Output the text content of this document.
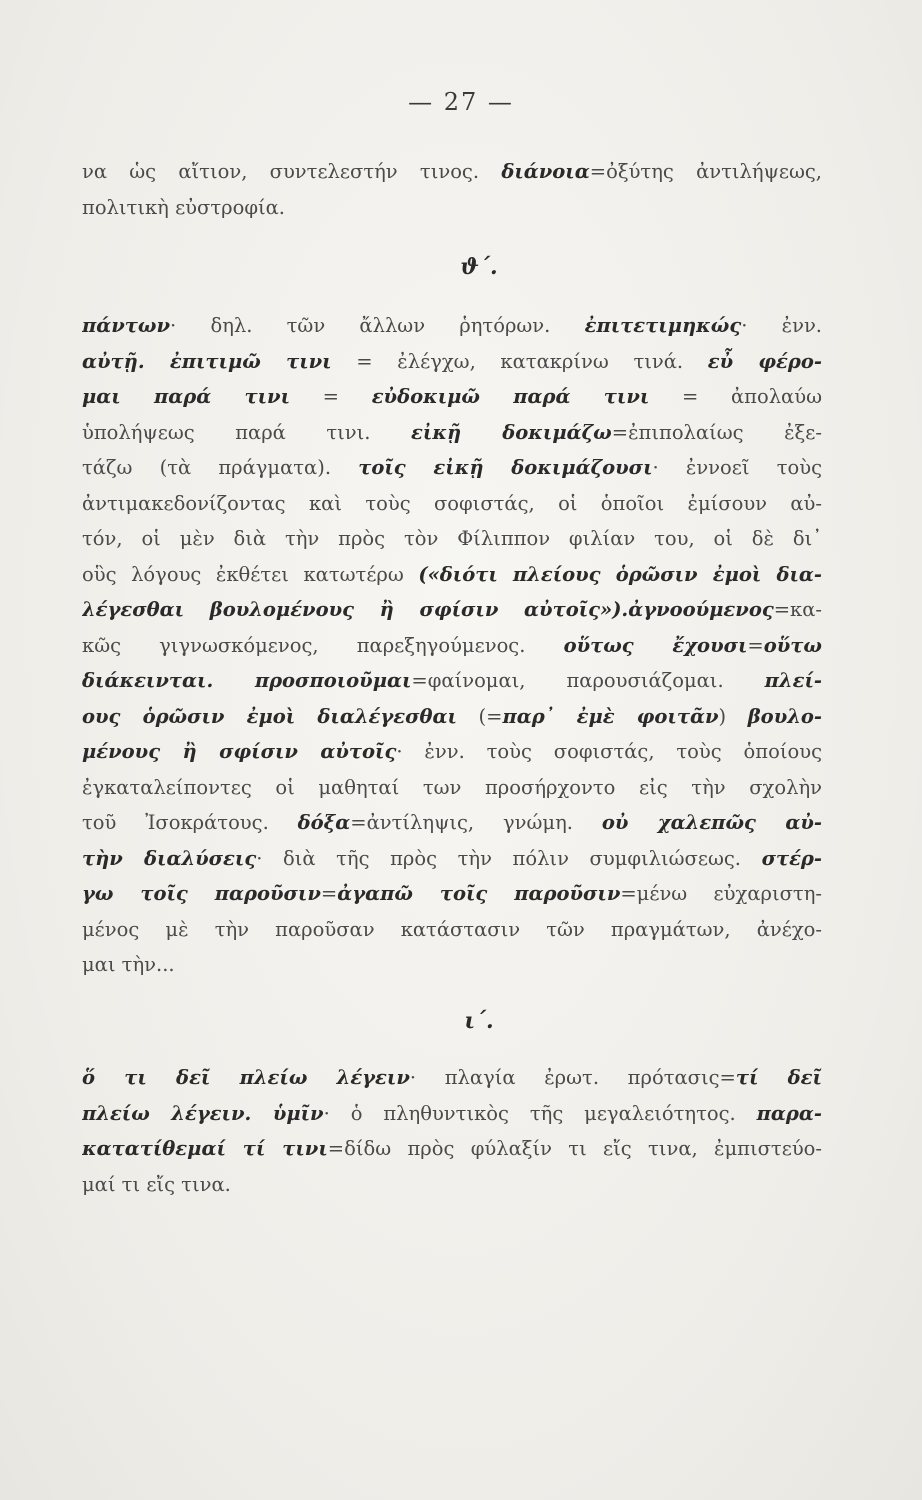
— 27 —
να ὡς αἴτιον, συντελεστήν τινος. διάνοια=ὀξύτης ἀντιλήψεως,
πολιτικὴ εὐστροφία.
ϑ΄.
πάντων· δηλ. τῶν ἄλλων ῥητόρων. ἐπιτετιμηκώς· ἐνν.
αὐτῇ. ἐπιτιμῶ τινι = ἐλέγχω, κατακρίνω τινά. εὖ φέρο-
μαι παρά τινι = εὐδοκιμῶ παρά τινι = ἀπολαύω
ὑπολήψεως παρά τινι. εἰκῇ δοκιμάζω=ἐπιπολαίως ἐξε-
τάζω (τὰ πράγματα). τοῖς εἰκῇ δοκιμάζουσι· ἐννοεῖ τοὺς
ἀντιμακεδονίζοντας καὶ τοὺς σοφιστάς, οἱ ὁποῖοι ἐμίσουν αὐ-
τόν, οἱ μὲν διὰ τὴν πρὸς τὸν Φίλιππον φιλίαν του, οἱ δὲ δι᾽
οὓς λόγους ἐκθέτει κατωτέρω («διότι πλείους ὁρῶσιν ἐμοὶ δια-
λέγεσθαι βουλομένους ἢ σφίσιν αὐτοῖς»).ἀγνοούμενος=κα-
κῶς γιγνωσκόμενος, παρεξηγούμενος. οὕτως ἔχουσι=οὕτω
διάκεινται. προσποιοῦμαι=φαίνομαι, παρουσιάζομαι. πλεί-
ους ὁρῶσιν ἐμοὶ διαλέγεσθαι (=παρ᾽ ἐμὲ φοιτᾶν) βουλο-
μένους ἢ σφίσιν αὐτοῖς· ἐνν. τοὺς σοφιστάς, τοὺς ὁποίους
ἐγκαταλείποντες οἱ μαθηταί των προσήρχοντο εἰς τὴν σχολὴν
τοῦ Ἰσοκράτους. δόξα=ἀντίληψις, γνώμη. οὐ χαλεπῶς αὐ-
τὴν διαλύσεις· διὰ τῆς πρὸς τὴν πόλιν συμφιλιώσεως. στέρ-
γω τοῖς παροῦσιν=ἀγαπῶ τοῖς παροῦσιν=μένω εὐχαριστη-
μένος μὲ τὴν παροῦσαν κατάστασιν τῶν πραγμάτων, ἀνέχο-
μαι τὴν...
ι΄.
ὅ τι δεῖ πλείω λέγειν· πλαγία ἐρωτ. πρότασις=τί δεῖ
πλείω λέγειν. ὑμῖν· ὁ πληθυντικὸς τῆς μεγαλειότητος. παρα-
κατατίθεμαί τί τινι=δίδω πρὸς φύλαξίν τι εἴς τινα, ἐμπιστεύο-
μαί τι εἴς τινα.
